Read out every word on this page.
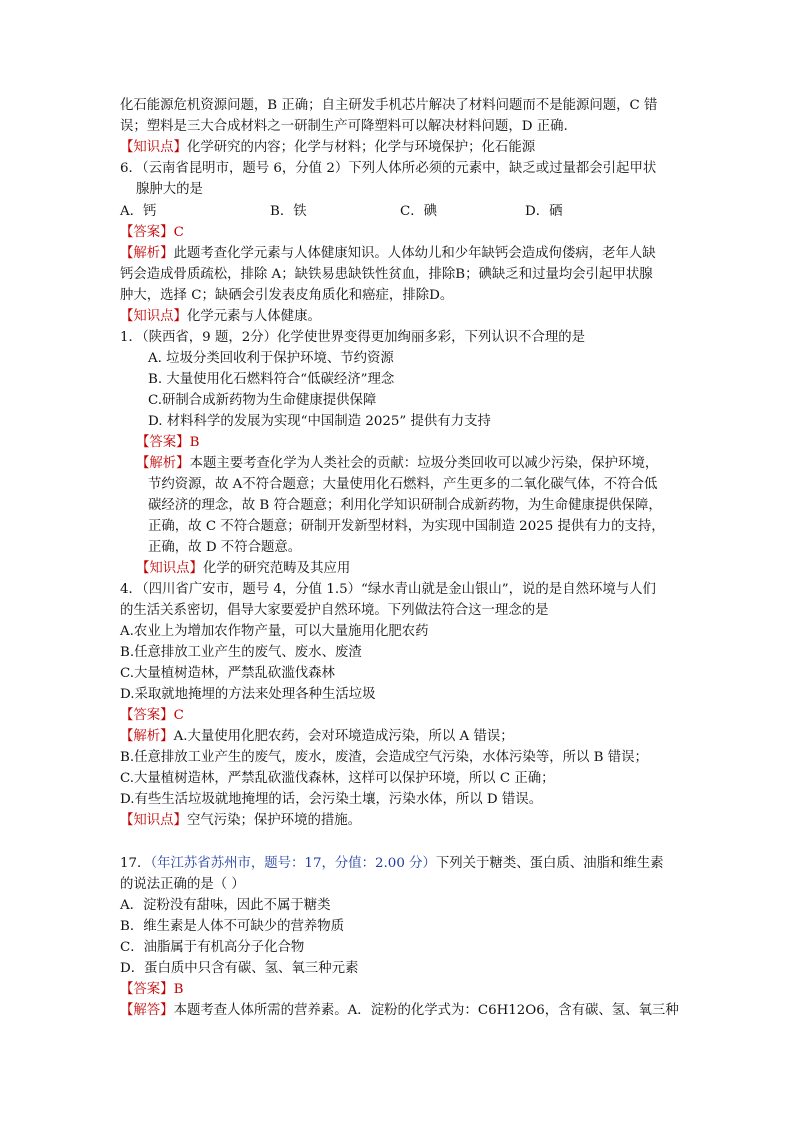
化石能源危机资源问题，B 正确；自主研发手机芯片解决了材料问题而不是能源问题，C 错
误；塑料是三大合成材料之一研制生产可降塑料可以解决材料问题，D 正确.
【知识点】化学研究的内容；化学与材料；化学与环境保护；化石能源
6．（云南省昆明市，题号 6，分值 2）下列人体所必须的元素中，缺乏或过量都会引起甲状
腺肿大的是
A．钙	B．铁	C．碘	D．硒
【答案】C
【解析】此题考查化学元素与人体健康知识。人体幼儿和少年缺钙会造成佝偻病，老年人缺
钙会造成骨质疏松，排除 A；缺铁易患缺铁性贫血，排除B；碘缺乏和过量均会引起甲状腺
肿大，选择 C；缺硒会引发表皮角质化和癌症，排除D。
【知识点】化学元素与人体健康。
1．（陕西省，9 题，2分）化学使世界变得更加绚丽多彩，下列认识不合理的是
A. 垃圾分类回收利于保护环境、节约资源
B. 大量使用化石燃料符合“低碳经济”理念
C.研制合成新药物为生命健康提供保障
D. 材料科学的发展为实现“中国制造 2025” 提供有力支持
【答案】B
【解析】本题主要考查化学为人类社会的贡献：垃圾分类回收可以减少污染，保护环境，
节约资源，故 A不符合题意；大量使用化石燃料，产生更多的二氧化碳气体，不符合低
碳经济的理念，故 B 符合题意；利用化学知识研制合成新药物，为生命健康提供保障，
正确，故 C 不符合题意；研制开发新型材料，为实现中国制造 2025 提供有力的支持，
正确，故 D 不符合题意。
【知识点】化学的研究范畴及其应用
4．（四川省广安市，题号 4，分值 1.5）“绿水青山就是金山银山”，说的是自然环境与人们
的生活关系密切，倡导大家要爱护自然环境。下列做法符合这一理念的是
A.农业上为增加农作物产量，可以大量施用化肥农药
B.任意排放工业产生的废气、废水、废渣
C.大量植树造林，严禁乱砍滥伐森林
D.采取就地掩埋的方法来处理各种生活垃圾
【答案】C
【解析】A.大量使用化肥农药，会对环境造成污染，所以 A 错误；
B.任意排放工业产生的废气，废水，废渣，会造成空气污染，水体污染等，所以 B 错误；
C.大量植树造林，严禁乱砍滥伐森林，这样可以保护环境，所以 C 正确；
D.有些生活垃圾就地掩埋的话，会污染土壤，污染水体，所以 D 错误。
【知识点】空气污染；保护环境的措施。
17．（年江苏省苏州市，题号：17，分值：2.00 分）下列关于糖类、蛋白质、油脂和维生素
的说法正确的是（ ）
A．淀粉没有甜味，因此不属于糖类
B．维生素是人体不可缺少的营养物质
C．油脂属于有机高分子化合物
D．蛋白质中只含有碳、氢、氧三种元素
【答案】B
【解答】本题考查人体所需的营养素。A．淀粉的化学式为：C6H12O6，含有碳、氢、氧三种
